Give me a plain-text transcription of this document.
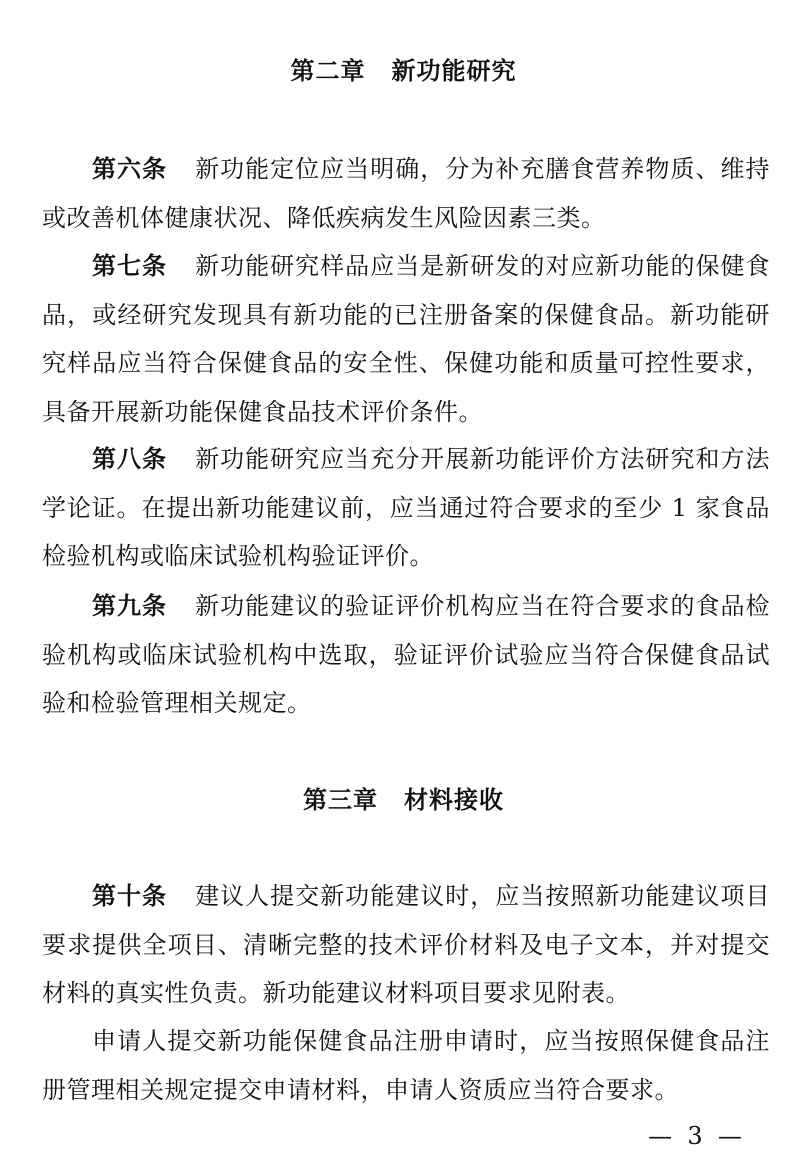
第二章 新功能研究
第六条 新功能定位应当明确，分为补充膳食营养物质、维持或改善机体健康状况、降低疾病发生风险因素三类。
第七条 新功能研究样品应当是新研发的对应新功能的保健食品，或经研究发现具有新功能的已注册备案的保健食品。新功能研究样品应当符合保健食品的安全性、保健功能和质量可控性要求，具备开展新功能保健食品技术评价条件。
第八条 新功能研究应当充分开展新功能评价方法研究和方法学论证。在提出新功能建议前，应当通过符合要求的至少 1 家食品检验机构或临床试验机构验证评价。
第九条 新功能建议的验证评价机构应当在符合要求的食品检验机构或临床试验机构中选取，验证评价试验应当符合保健食品试验和检验管理相关规定。
第三章 材料接收
第十条 建议人提交新功能建议时，应当按照新功能建议项目要求提供全项目、清晰完整的技术评价材料及电子文本，并对提交材料的真实性负责。新功能建议材料项目要求见附表。
申请人提交新功能保健食品注册申请时，应当按照保健食品注册管理相关规定提交申请材料，申请人资质应当符合要求。
—  3  —
